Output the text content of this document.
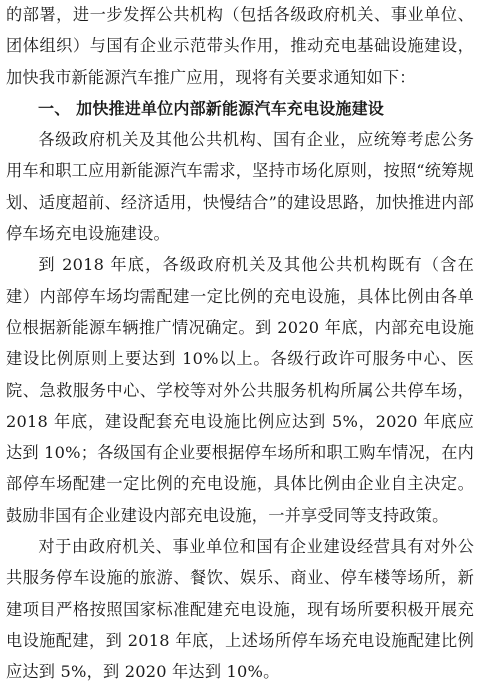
的部署，进一步发挥公共机构（包括各级政府机关、事业单位、团体组织）与国有企业示范带头作用，推动充电基础设施建设，加快我市新能源汽车推广应用，现将有关要求通知如下：

一、 加快推进单位内部新能源汽车充电设施建设

各级政府机关及其他公共机构、国有企业，应统筹考虑公务用车和职工应用新能源汽车需求，坚持市场化原则，按照“统筹规划、适度超前、经济适用，快慢结合”的建设思路，加快推进内部停车场充电设施建设。

到 2018 年底，各级政府机关及其他公共机构既有（含在建）内部停车场均需配建一定比例的充电设施，具体比例由各单位根据新能源车辆推广情况确定。到 2020 年底，内部充电设施建设比例原则上要达到 10%以上。各级行政许可服务中心、医院、急救服务中心、学校等对外公共服务机构所属公共停车场，2018 年底，建设配套充电设施比例应达到 5%，2020 年底应达到 10%；各级国有企业要根据停车场所和职工购车情况，在内部停车场配建一定比例的充电设施，具体比例由企业自主决定。鼓励非国有企业建设内部充电设施，一并享受同等支持政策。

对于由政府机关、事业单位和国有企业建设经营具有对外公共服务停车设施的旅游、餐饮、娱乐、商业、停车楼等场所，新建项目严格按照国家标准配建充电设施，现有场所要积极开展充电设施配建，到 2018 年底，上述场所停车场充电设施配建比例应达到 5%，到 2020 年达到 10%。
